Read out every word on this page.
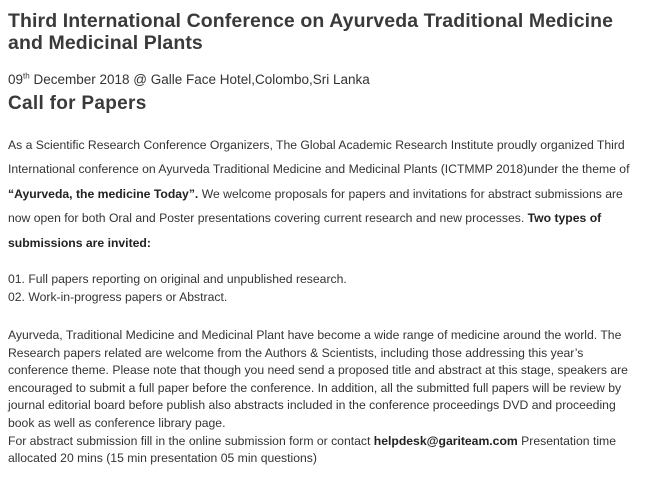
Third International Conference on Ayurveda Traditional Medicine and Medicinal Plants

09th December 2018 @ Galle Face Hotel,Colombo,Sri Lanka

Call for Papers

As a Scientific Research Conference Organizers, The Global Academic Research Institute proudly organized Third International conference on Ayurveda Traditional Medicine and Medicinal Plants (ICTMMP 2018)under the theme of “Ayurveda, the medicine Today”. We welcome proposals for papers and invitations for abstract submissions are now open for both Oral and Poster presentations covering current research and new processes. Two types of submissions are invited:

01. Full papers reporting on original and unpublished research.
02. Work-in-progress papers or Abstract.

Ayurveda, Traditional Medicine and Medicinal Plant have become a wide range of medicine around the world. The Research papers related are welcome from the Authors & Scientists, including those addressing this year’s conference theme. Please note that though you need send a proposed title and abstract at this stage, speakers are encouraged to submit a full paper before the conference. In addition, all the submitted full papers will be review by journal editorial board before publish also abstracts included in the conference proceedings DVD and proceeding book as well as conference library page.

For abstract submission fill in the online submission form or contact helpdesk@gariteam.com Presentation time allocated 20 mins (15 min presentation 05 min questions)
